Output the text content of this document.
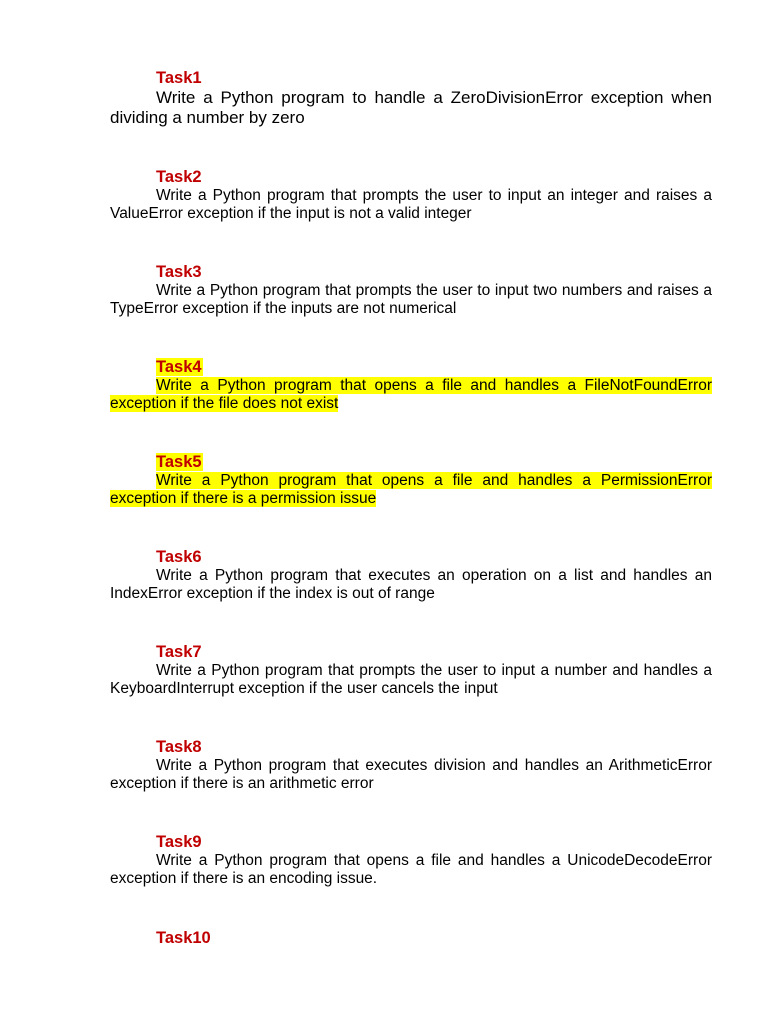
Task1
Write a Python program to handle a ZeroDivisionError exception when dividing a number by zero
Task2
Write a Python program that prompts the user to input an integer and raises a ValueError exception if the input is not a valid integer
Task3
Write a Python program that prompts the user to input two numbers and raises a TypeError exception if the inputs are not numerical
Task4
Write a Python program that opens a file and handles a FileNotFoundError exception if the file does not exist
Task5
Write a Python program that opens a file and handles a PermissionError exception if there is a permission issue
Task6
Write a Python program that executes an operation on a list and handles an IndexError exception if the index is out of range
Task7
Write a Python program that prompts the user to input a number and handles a KeyboardInterrupt exception if the user cancels the input
Task8
Write a Python program that executes division and handles an ArithmeticError exception if there is an arithmetic error
Task9
Write a Python program that opens a file and handles a UnicodeDecodeError exception if there is an encoding issue.
Task10
